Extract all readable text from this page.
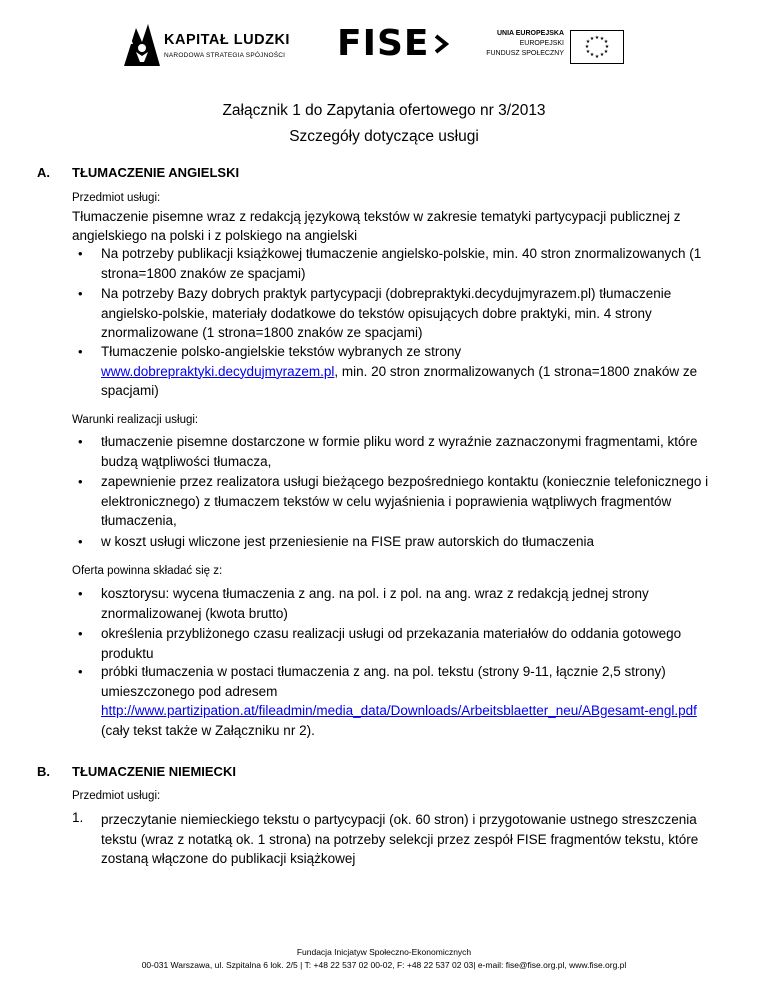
KAPITAŁ LUDZKI
NARODOWA STRATEGIA SPÓJNOŚCI FISE	UNIA EUROPEJSKA
EUROPEJSKI
FUNDUSZ SPOŁECZNY
★ ★ ★
★
★
★
★
★
★
★
★ ★
Załącznik 1 do Zapytania ofertowego nr 3/2013
Szczegóły dotyczące usługi
A. TŁUMACZENIE ANGIELSKI
Przedmiot usługi:
Tłumaczenie pisemne wraz z redakcją językową tekstów w zakresie tematyki partycypacji publicznej z angielskiego na polski i z polskiego na angielski
• Na potrzeby publikacji książkowej tłumaczenie angielsko-polskie, min. 40 stron znormalizowanych (1 strona=1800 znaków ze spacjami)
• Na potrzeby Bazy dobrych praktyk partycypacji (dobrepraktyki.decydujmyrazem.pl) tłumaczenie angielsko-polskie, materiały dodatkowe do tekstów opisujących dobre praktyki, min. 4 strony znormalizowane (1 strona=1800 znaków ze spacjami)
• Tłumaczenie polsko-angielskie tekstów wybranych ze strony
www.dobrepraktyki.decydujmyrazem.pl, min. 20 stron znormalizowanych (1 strona=1800 znaków ze spacjami)
Warunki realizacji usługi:
• tłumaczenie pisemne dostarczone w formie pliku word z wyraźnie zaznaczonymi fragmentami, które budzą wątpliwości tłumacza,
• zapewnienie przez realizatora usługi bieżącego bezpośredniego kontaktu (koniecznie telefonicznego i elektronicznego) z tłumaczem tekstów w celu wyjaśnienia i poprawienia wątpliwych fragmentów tłumaczenia,
• w koszt usługi wliczone jest przeniesienie na FISE praw autorskich do tłumaczenia
Oferta powinna składać się z:
• kosztorysu: wycena tłumaczenia z ang. na pol. i z pol. na ang. wraz z redakcją jednej strony znormalizowanej (kwota brutto)
• określenia przybliżonego czasu realizacji usługi od przekazania materiałów do oddania gotowego produktu
• próbki tłumaczenia w postaci tłumaczenia z ang. na pol. tekstu (strony 9-11, łącznie 2,5 strony) umieszczonego pod adresem
http://www.partizipation.at/fileadmin/media_data/Downloads/Arbeitsblaetter_neu/ABgesamt-engl.pdf (cały tekst także w Załączniku nr 2).
B. TŁUMACZENIE NIEMIECKI
Przedmiot usługi:
1. przeczytanie niemieckiego tekstu o partycypacji (ok. 60 stron) i przygotowanie ustnego streszczenia tekstu (wraz z notatką ok. 1 strona) na potrzeby selekcji przez zespół FISE fragmentów tekstu, które zostaną włączone do publikacji książkowej
Fundacja Inicjatyw Społeczno-Ekonomicznych
00-031 Warszawa, ul. Szpitalna 6 lok. 2/5 | T: +48 22 537 02 00-02, F: +48 22 537 02 03| e-mail: fise@fise.org.pl, www.fise.org.pl
